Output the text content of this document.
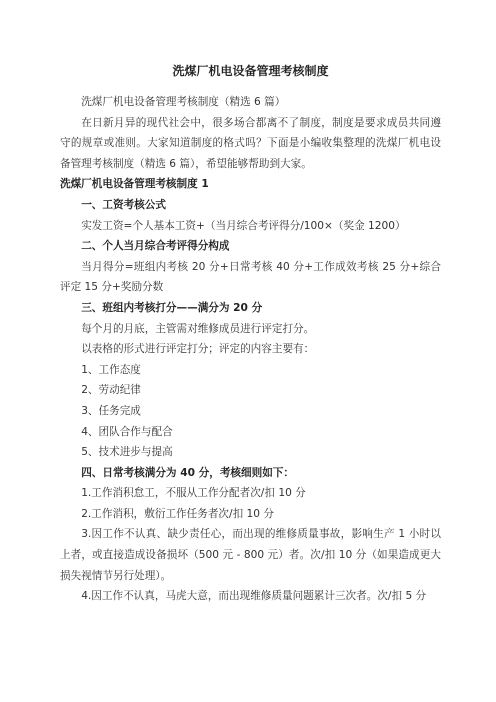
洗煤厂机电设备管理考核制度

洗煤厂机电设备管理考核制度（精选 6 篇）

在日新月异的现代社会中，很多场合都离不了制度，制度是要求成员共同遵守的规章或准则。大家知道制度的格式吗？下面是小编收集整理的洗煤厂机电设备管理考核制度（精选 6 篇），希望能够帮助到大家。

洗煤厂机电设备管理考核制度 1

一、工资考核公式

实发工资=个人基本工资+（当月综合考评得分/100×（奖金 1200）

二、个人当月综合考评得分构成

当月得分=班组内考核 20 分+日常考核 40 分+工作成效考核 25 分+综合评定 15 分+奖励分数

三、班组内考核打分——满分为 20 分

每个月的月底，主管需对维修成员进行评定打分。

以表格的形式进行评定打分；评定的内容主要有：

1、工作态度

2、劳动纪律

3、任务完成

4、团队合作与配合

5、技术进步与提高

四、日常考核满分为 40 分，考核细则如下：

1.工作消积怠工，不服从工作分配者次/扣 10 分

2.工作消积，敷衍工作任务者次/扣 10 分

3.因工作不认真、缺少责任心，而出现的维修质量事故，影响生产 1 小时以上者，或直接造成设备损坏（500 元 - 800 元）者。次/扣 10 分（如果造成更大损失视情节另行处理）。

4.因工作不认真，马虎大意，而出现维修质量问题累计三次者。次/扣 5 分
